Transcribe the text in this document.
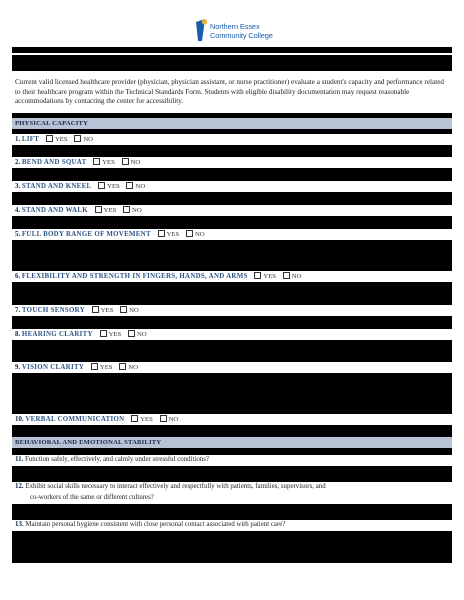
Northern Essex
Community College
Current valid licensed healthcare provider (physician, physician assistant, or nurse practitioner) evaluate a student's capacity and performance related to their healthcare program within the Technical Standards Form. Students with eligible disability documentation may request reasonable accommodations by contacting the center for accessibility.
PHYSICAL CAPACITY
1. LIFT YES NO
2. BEND AND SQUAT YES NO
3. STAND AND KNEEL YES NO
4. STAND AND WALK YES NO
5. FULL BODY RANGE OF MOVEMENT YES NO
6. FLEXIBILITY AND STRENGTH IN FINGERS, HANDS, AND ARMS YES NO
7. TOUCH SENSORY YES NO
8. HEARING CLARITY YES NO
9. VISION CLARITY YES NO
10. VERBAL COMMUNICATION YES NO
BEHAVIORAL AND EMOTIONAL STABILITY
11. Function safely, effectively, and calmly under stressful conditions?
12. Exhibit social skills necessary to interact effectively and respectfully with patients, families, supervisors, and
co-workers of the same or different cultures?
13. Maintain personal hygiene consistent with close personal contact associated with patient care?
